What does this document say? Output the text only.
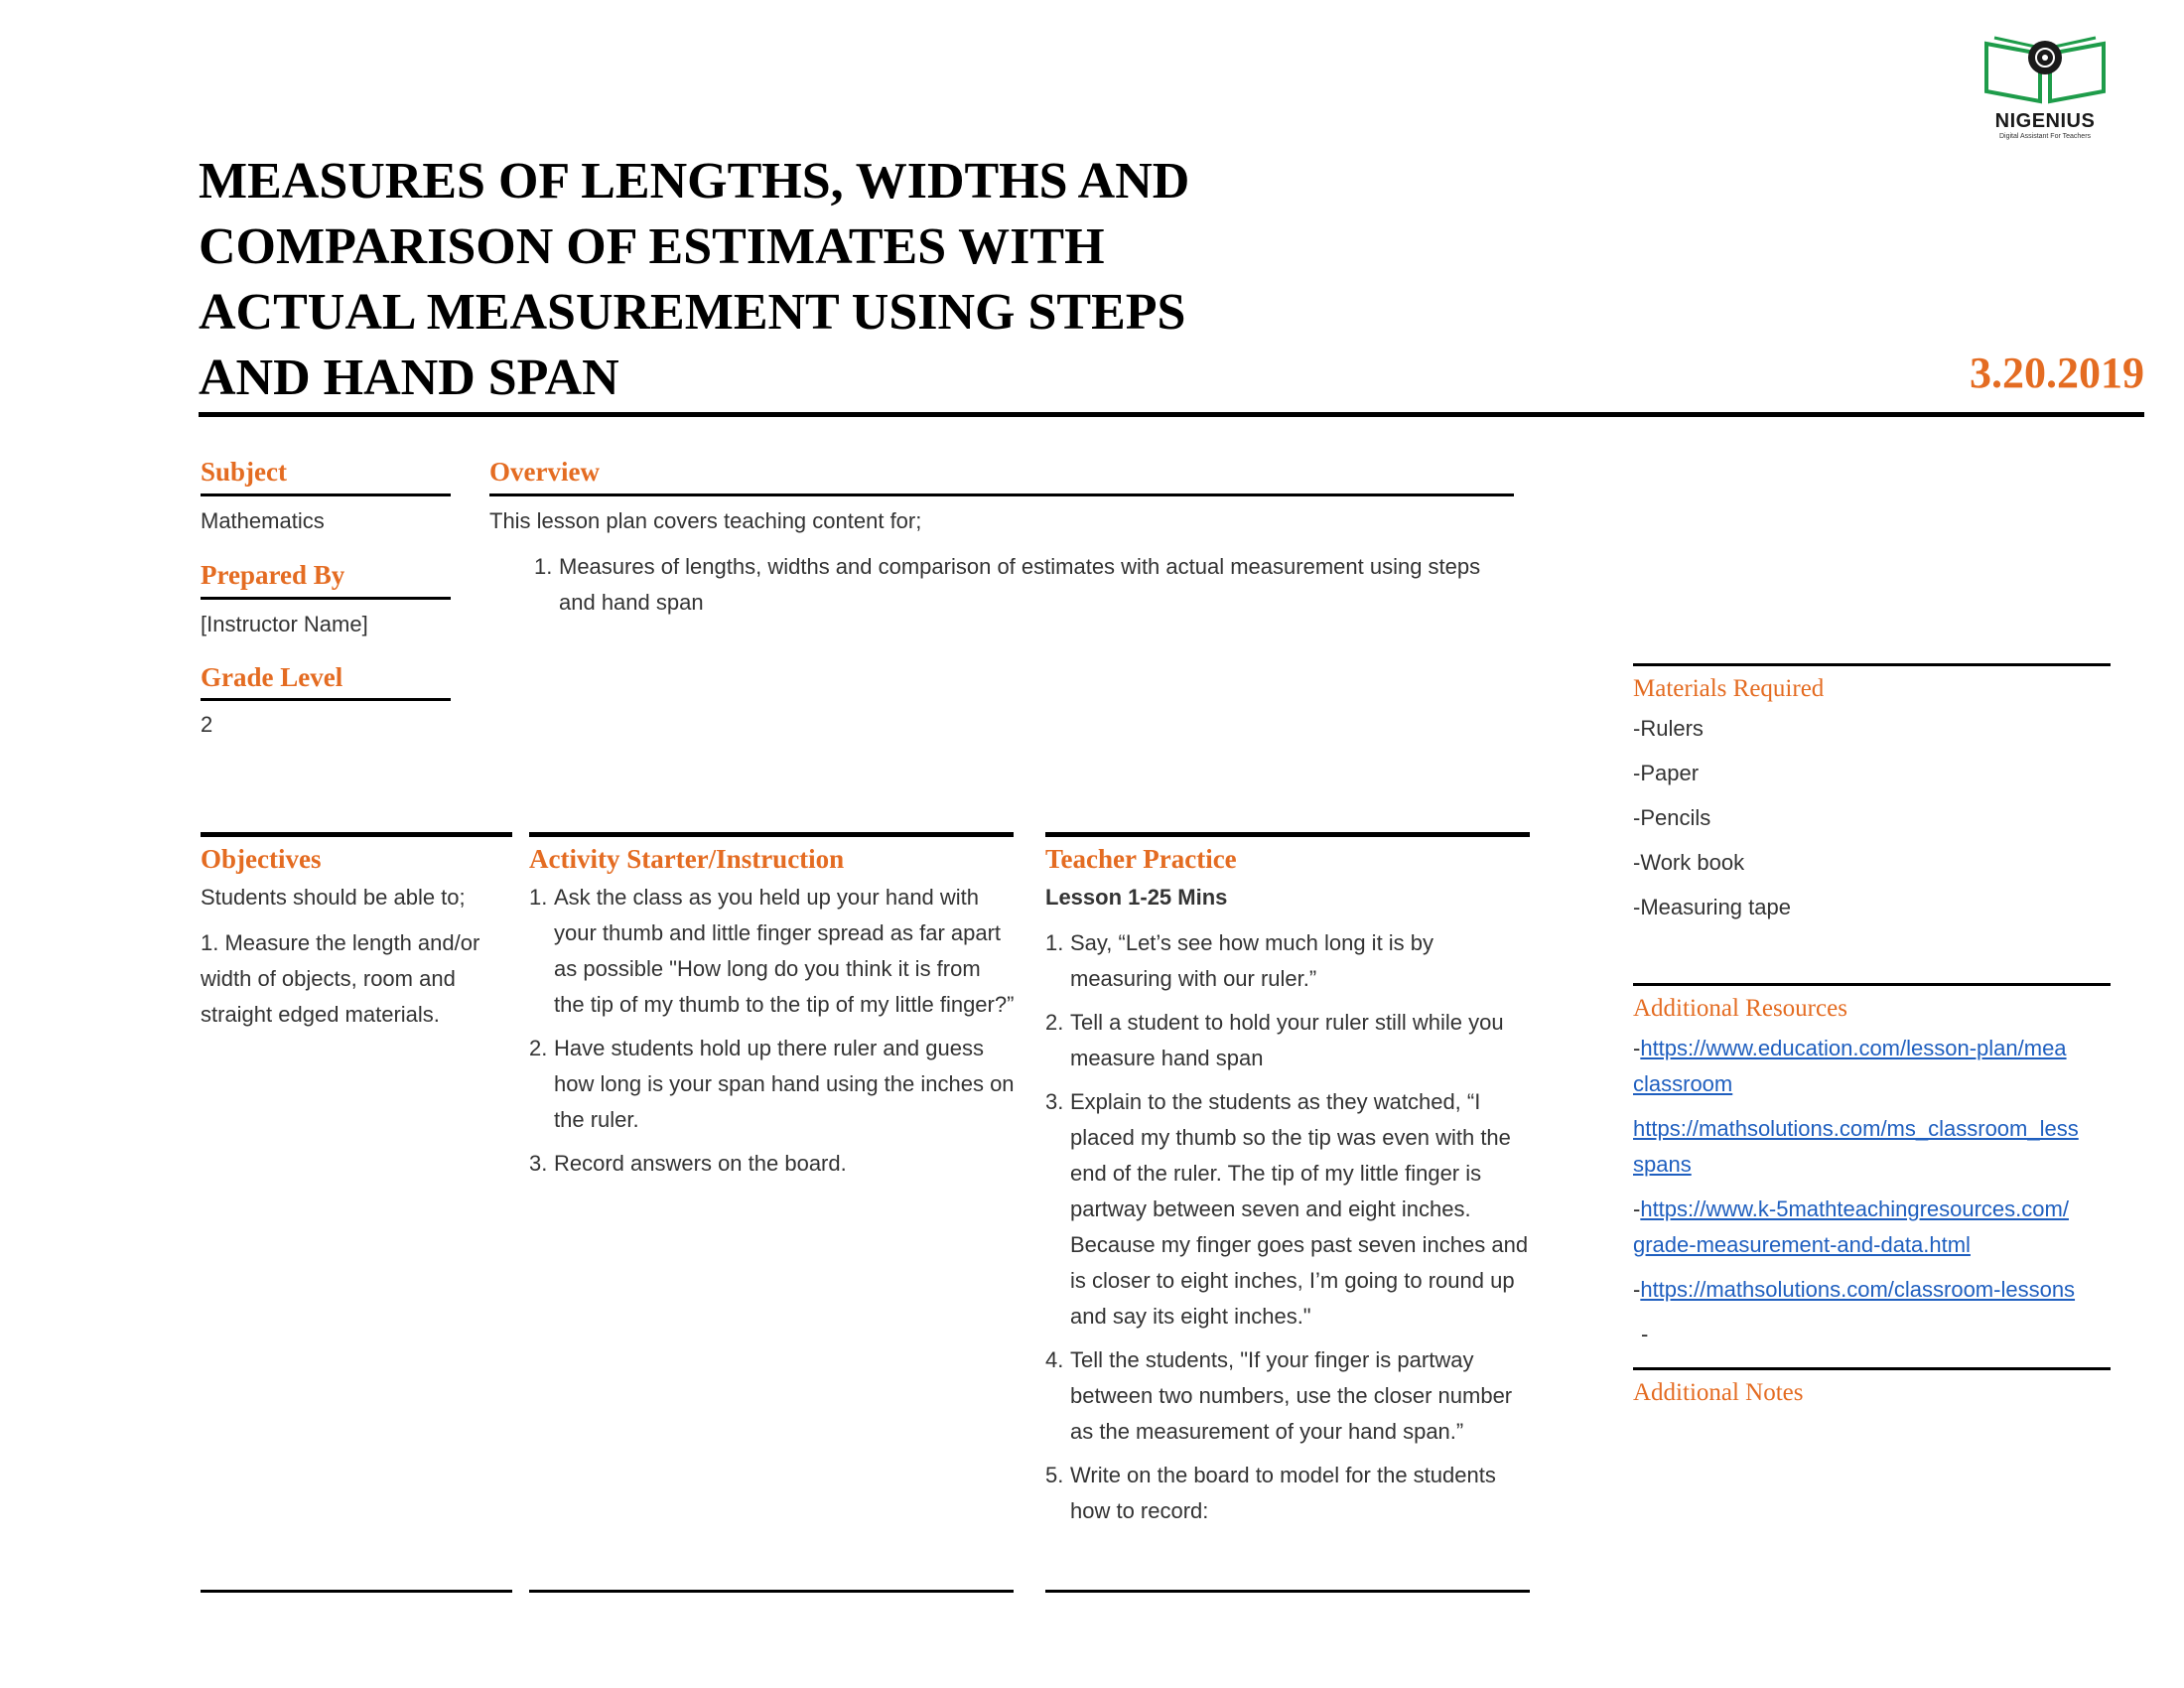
NIGENIUS
Digital Assistant For Teachers
MEASURES OF LENGTHS, WIDTHS AND
COMPARISON OF ESTIMATES WITH
ACTUAL MEASUREMENT USING STEPS
AND HAND SPAN	3.20.2019
Subject
Mathematics
Prepared By
[Instructor Name]
Grade Level
2
Overview
This lesson plan covers teaching content for;
1. Measures of lengths, widths and comparison of estimates with actual measurement using steps and hand span
Objectives
Students should be able to;
1. Measure the length and/or width of objects, room and straight edged materials.
Activity Starter/Instruction
1. Ask the class as you held up your hand with your thumb and little finger spread as far apart as possible "How long do you think it is from the tip of my thumb to the tip of my little finger?”
2. Have students hold up there ruler and guess how long is your span hand using the inches on the ruler.
3. Record answers on the board.
Teacher Practice
Lesson 1-25 Mins
1. Say, “Let’s see how much long it is by measuring with our ruler.”
2. Tell a student to hold your ruler still while you measure hand span
3. Explain to the students as they watched, “I placed my thumb so the tip was even with the end of the ruler. The tip of my little finger is partway between seven and eight inches. Because my finger goes past seven inches and is closer to eight inches, I’m going to round up and say its eight inches."
4. Tell the students, "If your finger is partway between two numbers, use the closer number as the measurement of your hand span.”
5. Write on the board to model for the students how to record:
Materials Required
-Rulers
-Paper
-Pencils
-Work book
-Measuring tape
Additional Resources

-https://www.education.com/lesson-plan/mea
classroom

https://mathsolutions.com/ms_classroom_less
spans

-https://www.k-5mathteachingresources.com/
grade-measurement-and-data.html

-https://mathsolutions.com/classroom-lessons

-

Additional Notes
